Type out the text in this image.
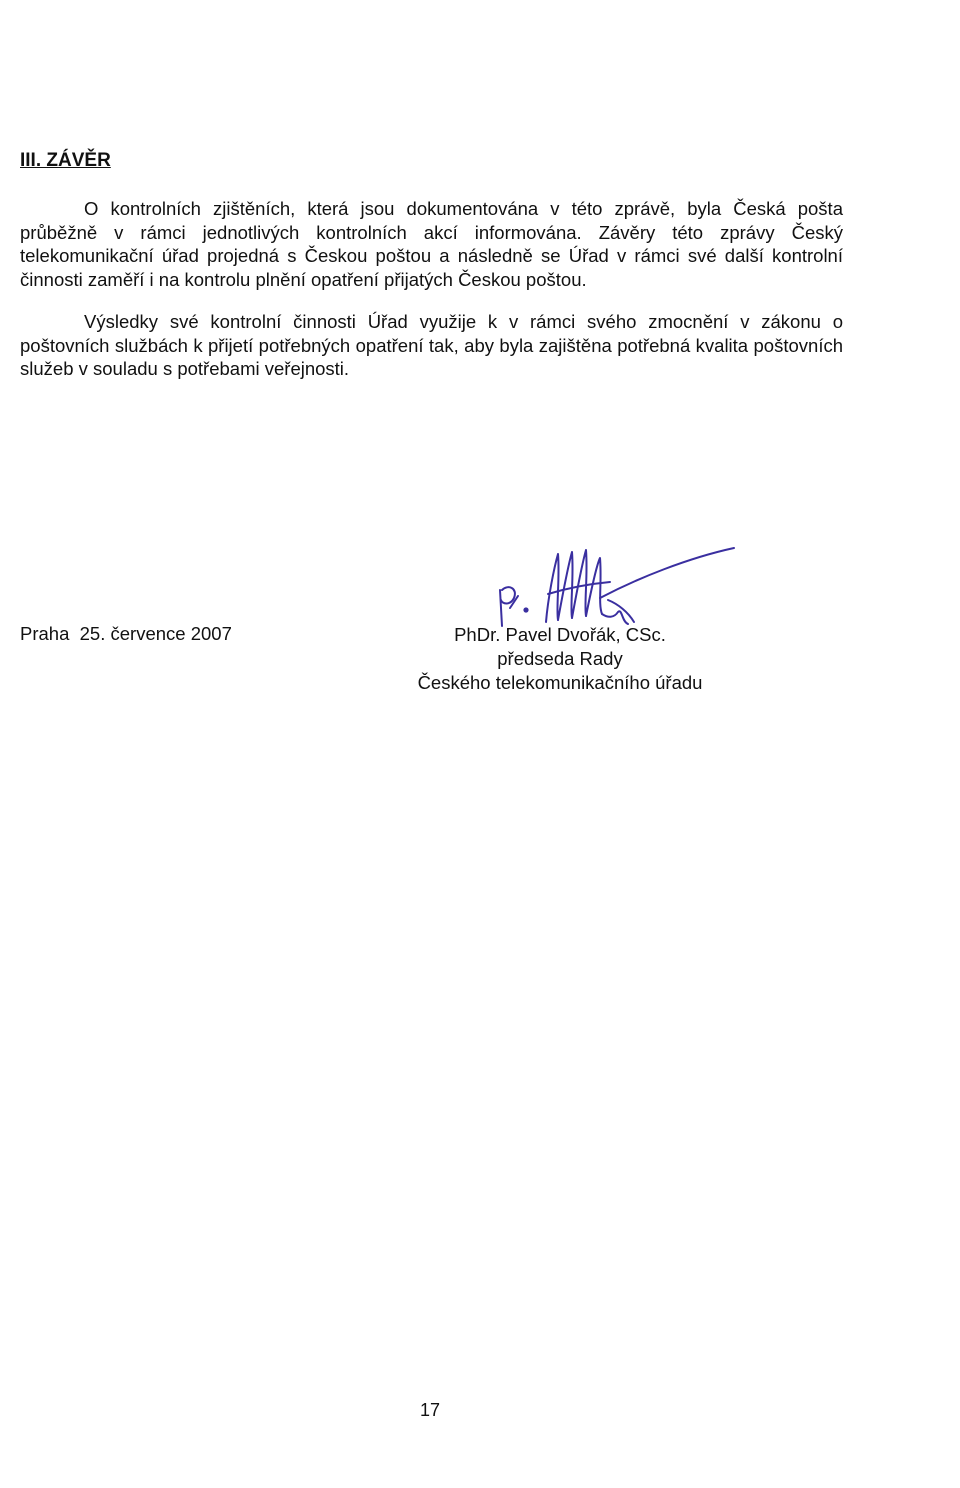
III. ZÁVĚR

O kontrolních zjištěních, která jsou dokumentována v této zprávě, byla Česká pošta průběžně v rámci jednotlivých kontrolních akcí informována. Závěry této zprávy Český telekomunikační úřad projedná s Českou poštou a následně se Úřad v rámci své další kontrolní činnosti zaměří i na kontrolu plnění opatření přijatých Českou poštou.

Výsledky své kontrolní činnosti Úřad využije k v rámci svého zmocnění v zákonu o poštovních službách k přijetí potřebných opatření tak, aby byla zajištěna potřebná kvalita poštovních služeb v souladu s potřebami veřejnosti.

Praha  25. července 2007	PhDr. Pavel Dvořák, CSc.
předseda Rady
Českého telekomunikačního úřadu
17
